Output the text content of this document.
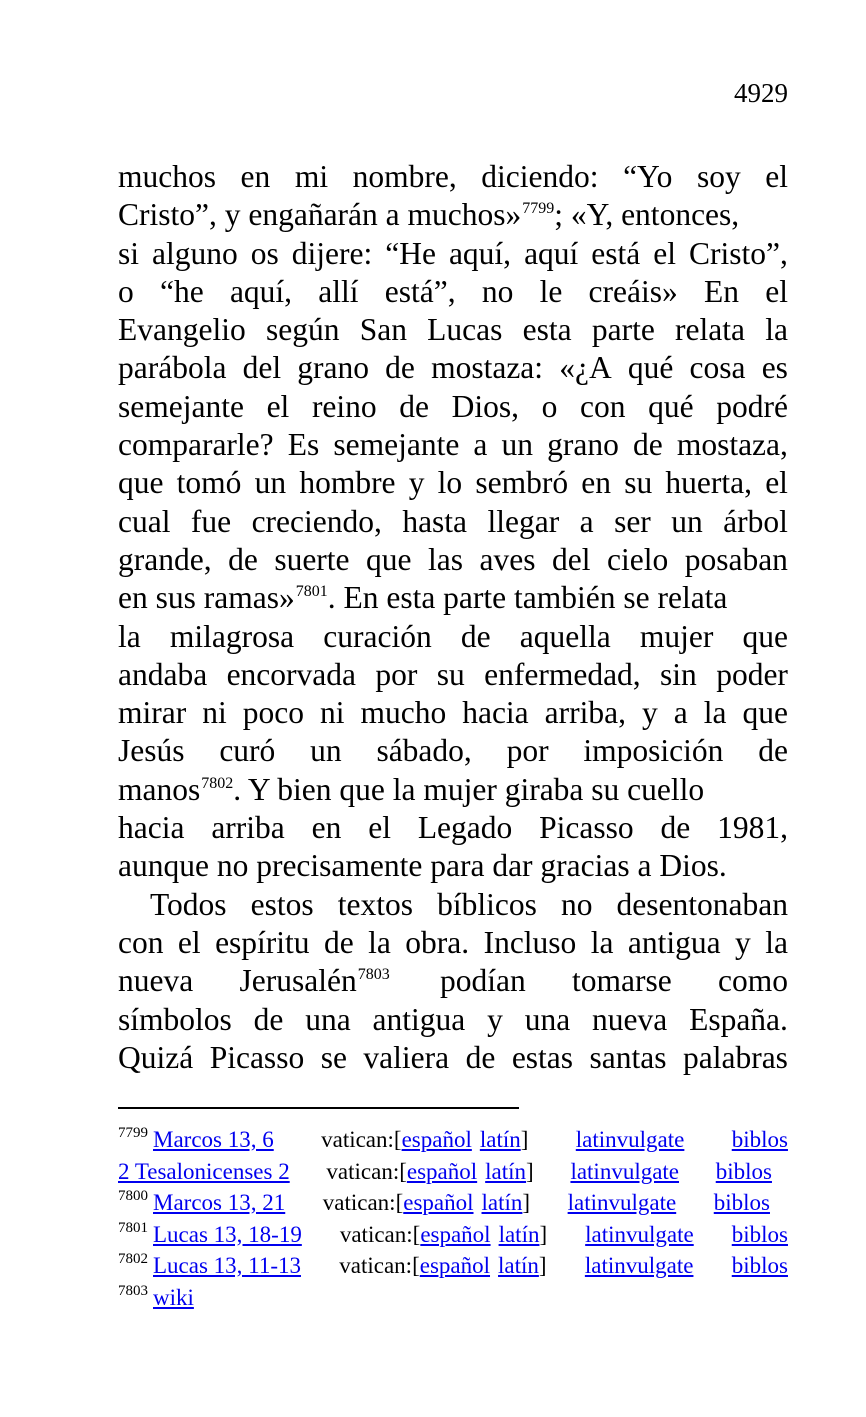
4929
muchos en mi nombre, diciendo: “Yo soy el
Cristo”, y engañarán a muchos»$^{7799}$; «Y, entonces,
si alguno os dijere: “He aquí, aquí está el Cristo”,
o “he aquí, allí está”, no le creáis» En el
Evangelio según San Lucas esta parte relata la
parábola del grano de mostaza: «¿A qué cosa es
semejante el reino de Dios, o con qué podré
compararle? Es semejante a un grano de mostaza,
que tomó un hombre y lo sembró en su huerta, el
cual fue creciendo, hasta llegar a ser un árbol
grande, de suerte que las aves del cielo posaban
en sus ramas»$^{7801}$. En esta parte también se relata
la milagrosa curación de aquella mujer que
andaba encorvada por su enfermedad, sin poder
mirar ni poco ni mucho hacia arriba, y a la que
Jesús curó un sábado, por imposición de
manos$^{7802}$. Y bien que la mujer giraba su cuello
hacia arriba en el Legado Picasso de 1981,
aunque no precisamente para dar gracias a Dios.
Todos estos textos bíblicos no desentonaban
con el espíritu de la obra. Incluso la antigua y la
nueva Jerusalén$^{7803}$ podían tomarse como
símbolos de una antigua y una nueva España.
Quizá Picasso se valiera de estas santas palabras
7799 Marcos 13, 6 vatican:[español latín] latinvulgate biblos
2 Tesalonicenses 2 vatican:[español latín] latinvulgate biblos
7800 Marcos 13, 21 vatican:[español latín] latinvulgate biblos
7801 Lucas 13, 18-19 vatican:[español latín] latinvulgate biblos
7802 Lucas 13, 11-13 vatican:[español latín] latinvulgate biblos
7803 wiki
